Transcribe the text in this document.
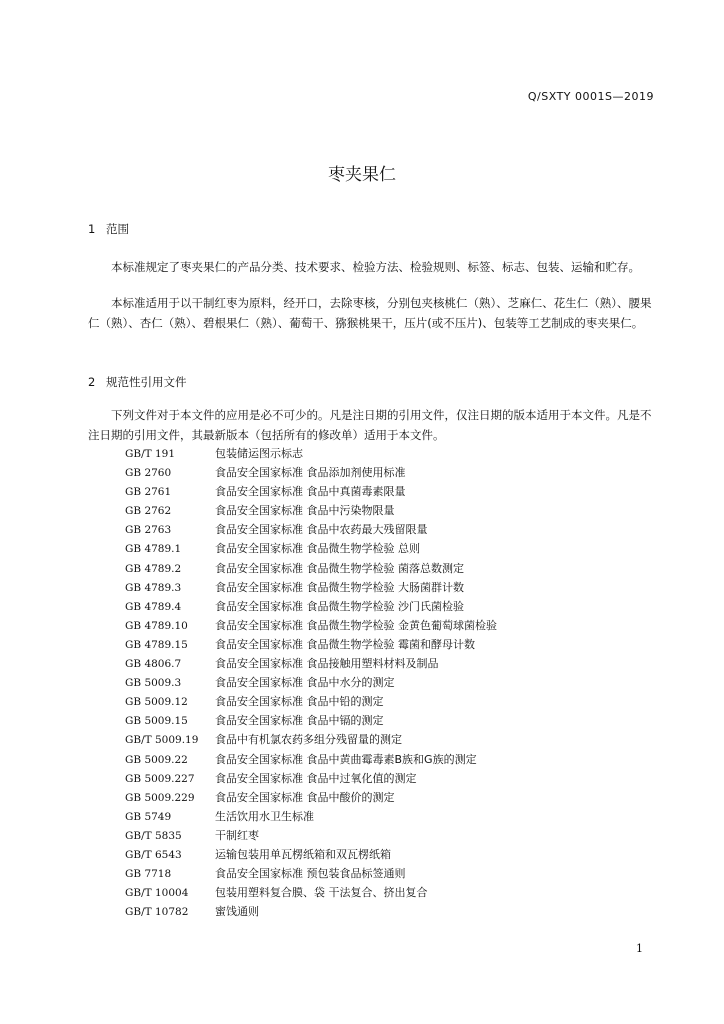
Q/SXTY 0001S—2019
枣夹果仁
1 范围

本标准规定了枣夹果仁的产品分类、技术要求、检验方法、检验规则、标签、标志、包装、运输和贮存。

本标准适用于以干制红枣为原料，经开口，去除枣核，分别包夹核桃仁（熟）、芝麻仁、花生仁（熟）、腰果仁（熟）、杏仁（熟）、碧根果仁（熟）、葡萄干、猕猴桃果干，压片(或不压片)、包装等工艺制成的枣夹果仁。

2 规范性引用文件

下列文件对于本文件的应用是必不可少的。凡是注日期的引用文件，仅注日期的版本适用于本文件。凡是不注日期的引用文件，其最新版本（包括所有的修改单）适用于本文件。

GB/T 191	包装储运图示标志
GB 2760	食品安全国家标准 食品添加剂使用标准
GB 2761	食品安全国家标准 食品中真菌毒素限量
GB 2762	食品安全国家标准 食品中污染物限量
GB 2763	食品安全国家标准 食品中农药最大残留限量
GB 4789.1	食品安全国家标准 食品微生物学检验 总则
GB 4789.2	食品安全国家标准 食品微生物学检验 菌落总数测定
GB 4789.3	食品安全国家标准 食品微生物学检验 大肠菌群计数
GB 4789.4	食品安全国家标准 食品微生物学检验 沙门氏菌检验
GB 4789.10 食品安全国家标准 食品微生物学检验 金黄色葡萄球菌检验
GB 4789.15 食品安全国家标准 食品微生物学检验 霉菌和酵母计数
GB 4806.7	食品安全国家标准 食品接触用塑料材料及制品
GB 5009.3	食品安全国家标准 食品中水分的测定
GB 5009.12 食品安全国家标准 食品中铅的测定
GB 5009.15 食品安全国家标准 食品中镉的测定
GB/T 5009.19 食品中有机氯农药多组分残留量的测定
GB 5009.22 食品安全国家标准 食品中黄曲霉毒素B族和G族的测定
GB 5009.227 食品安全国家标准 食品中过氧化值的测定
GB 5009.229 食品安全国家标准 食品中酸价的测定
GB 5749	生活饮用水卫生标准
GB/T 5835	干制红枣
GB/T 6543	运输包装用单瓦楞纸箱和双瓦楞纸箱
GB 7718	食品安全国家标准 预包装食品标签通则
GB/T 10004 包装用塑料复合膜、袋 干法复合、挤出复合
GB/T 10782 蜜饯通则
1
